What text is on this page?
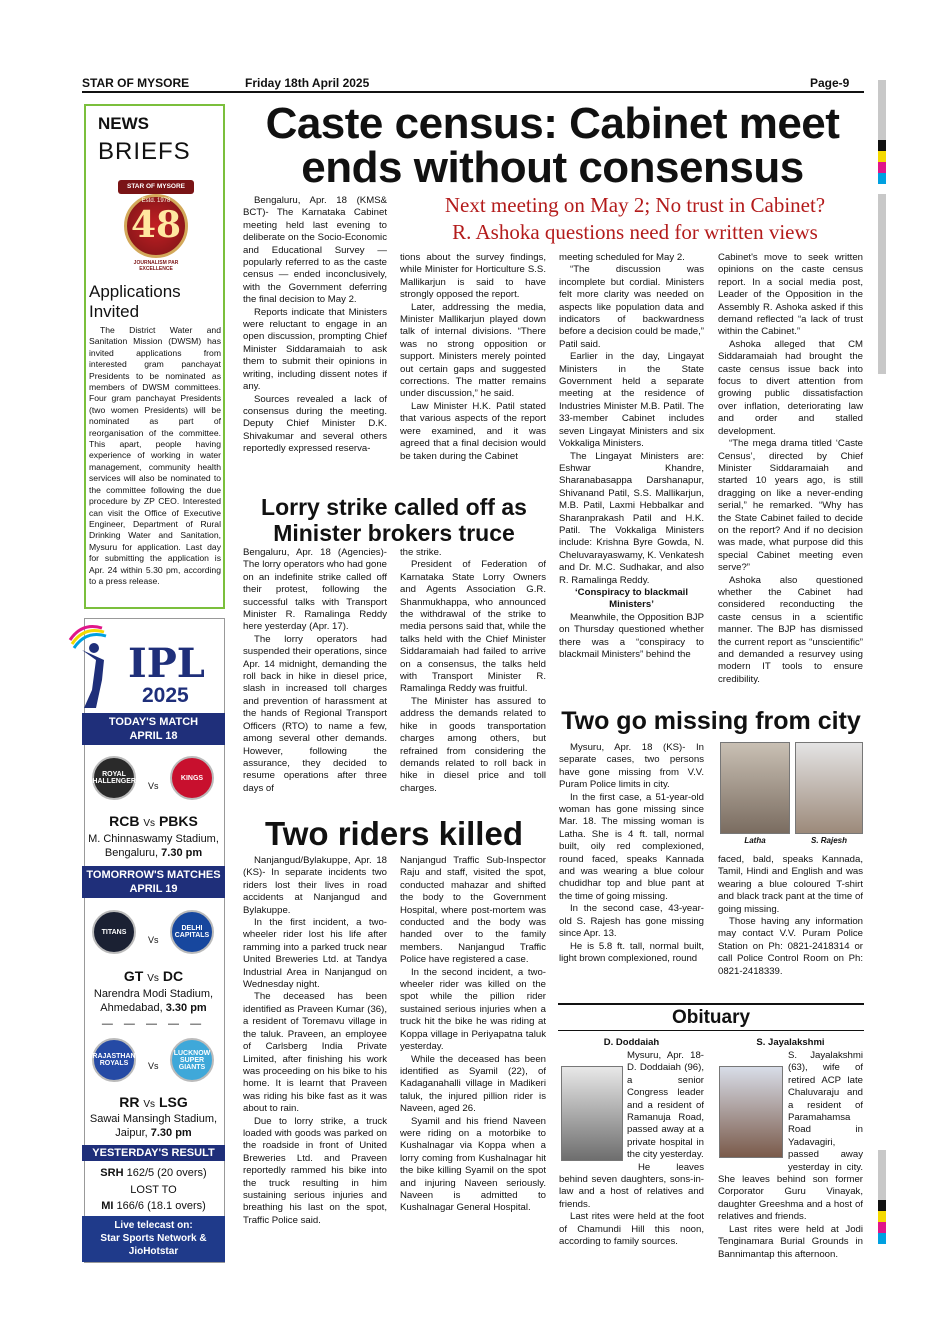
STAR OF MYSORE	Friday 18th April 2025	Page-9
NEWS
BRIEFS
STAR OF MYSORE
Estd. 1978
48
JOURNALISM PAR EXCELLENCE
Applications
Invited

The District Water and Sanitation Mission (DWSM) has invited applications from interested gram panchayat Presidents to be nominated as members of DWSM committees. Four gram panchayat Presidents (two women Presidents) will be nominated as part of reorganisation of the committee. This apart, people having experience of working in water management, community health services will also be nominated to the committee following the due procedure by ZP CEO. Interested can visit the Office of Executive Engineer, Department of Rural Drinking Water and Sanitation, Mysuru for application. Last day for submitting the application is Apr. 24 within 5.30 pm, according to a press release.

IPL
2025
TODAY'S MATCH
APRIL 18
ROYAL CHALLENGERS Vs
KINGS
RCB Vs PBKS
M. Chinnaswamy Stadium,
Bengaluru, 7.30 pm
TOMORROW'S MATCHES
APRIL 19
TITANS
Vs
DELHI CAPITALS
GT Vs DC
Narendra Modi Stadium,
Ahmedabad, 3.30 pm
— — — — —
RAJASTHAN ROYALS	Vs
LUCKNOW SUPER GIANTS
RR Vs LSG
Sawai Mansingh Stadium,
Jaipur, 7.30 pm
YESTERDAY'S RESULT
SRH 162/5 (20 overs)
LOST TO
MI 166/6 (18.1 overs)
Live telecast on:
Star Sports Network &
JioHotstar
Caste census: Cabinet meet
ends without consensus
Next meeting on May 2; No trust in Cabinet?
R. Ashoka questions need for written views

Bengaluru, Apr. 18 (KMS& BCT)- The Karnataka Cabinet meeting held last evening to deliberate on the Socio-Economic and Educational Survey — popularly referred to as the caste census — ended inconclusively, with the Government deferring the final decision to May 2.

Reports indicate that Ministers were reluctant to engage in an open discussion, prompting Chief Minister Siddaramaiah to ask them to submit their opinions in writing, including dissent notes if any.

Sources revealed a lack of consensus during the meeting. Deputy Chief Minister D.K. Shivakumar and several others reportedly expressed reserva-

tions about the survey findings, while Minister for Horticulture S.S. Mallikarjun is said to have strongly opposed the report.

Later, addressing the media, Minister Mallikarjun played down talk of internal divisions. “There was no strong opposition or support. Ministers merely pointed out certain gaps and suggested corrections. The matter remains under discussion,” he said.

Law Minister H.K. Patil stated that various aspects of the report were examined, and it was agreed that a final decision would be taken during the Cabinet

meeting scheduled for May 2.

“The discussion was incomplete but cordial. Ministers felt more clarity was needed on aspects like population data and indicators of backwardness before a decision could be made,” Patil said.

Earlier in the day, Lingayat Ministers in the State Government held a separate meeting at the residence of Industries Minister M.B. Patil. The 33-member Cabinet includes seven Lingayat Ministers and six Vokkaliga Ministers.

The Lingayat Ministers are: Eshwar Khandre, Sharanabasappa Darshanapur, Shivanand Patil, S.S. Mallikarjun, M.B. Patil, Laxmi Hebbalkar and Sharanprakash Patil and H.K. Patil. The Vokkaliga Ministers include: Krishna Byre Gowda, N. Cheluvarayaswamy, K. Venkatesh and Dr. M.C. Sudhakar, and also R. Ramalinga Reddy.

‘Conspiracy to blackmail Ministers’

Meanwhile, the Opposition BJP on Thursday questioned whether there was a “conspiracy to blackmail Ministers” behind the

Cabinet's move to seek written opinions on the caste census report. In a social media post, Leader of the Opposition in the Assembly R. Ashoka asked if this demand reflected “a lack of trust within the Cabinet.”

Ashoka alleged that CM Siddaramaiah had brought the caste census issue back into focus to divert attention from growing public dissatisfaction over inflation, deteriorating law and order and stalled development.

“The mega drama titled ‘Caste Census’, directed by Chief Minister Siddaramaiah and started 10 years ago, is still dragging on like a never-ending serial,” he remarked. “Why has the State Cabinet failed to decide on the report? And if no decision was made, what purpose did this special Cabinet meeting even serve?”

Ashoka also questioned whether the Cabinet had considered reconducting the caste census in a scientific manner. The BJP has dismissed the current report as “unscientific” and demanded a resurvey using modern IT tools to ensure credibility.

Lorry strike called off as
Minister brokers truce

Bengaluru, Apr. 18 (Agencies)- The lorry operators who had gone on an indefinite strike called off their protest, following the successful talks with Transport Minister R. Ramalinga Reddy here yesterday (Apr. 17).

The lorry operators had suspended their operations, since Apr. 14 midnight, demanding the roll back in hike in diesel price, slash in increased toll charges and prevention of harassment at the hands of Regional Transport Officers (RTO) to name a few, among several other demands. However, following the assurance, they decided to resume operations after three days of

the strike.

President of Federation of Karnataka State Lorry Owners and Agents Association G.R. Shanmukhappa, who announced the withdrawal of the strike to media persons said that, while the talks held with the Chief Minister Siddaramaiah had failed to arrive on a consensus, the talks held with Transport Minister R. Ramalinga Reddy was fruitful.

The Minister has assured to address the demands related to hike in goods transportation charges among others, but refrained from considering the demands related to roll back in hike in diesel price and toll charges.

Two riders killed

Nanjangud/Bylakuppe, Apr. 18 (KS)- In separate incidents two riders lost their lives in road accidents at Nanjangud and Bylakuppe.

In the first incident, a two-wheeler rider lost his life after ramming into a parked truck near United Breweries Ltd. at Tandya Industrial Area in Nanjangud on Wednesday night.

The deceased has been identified as Praveen Kumar (36), a resident of Toremavu village in the taluk. Praveen, an employee of Carlsberg India Private Limited, after finishing his work was proceeding on his bike to his home. It is learnt that Praveen was riding his bike fast as it was about to rain.

Due to lorry strike, a truck loaded with goods was parked on the roadside in front of United Breweries Ltd. and Praveen reportedly rammed his bike into the truck resulting in him sustaining serious injuries and breathing his last on the spot, Traffic Police said.

Nanjangud Traffic Sub-Inspector Raju and staff, visited the spot, conducted mahazar and shifted the body to the Government Hospital, where post-mortem was conducted and the body was handed over to the family members. Nanjangud Traffic Police have registered a case.

In the second incident, a two-wheeler rider was killed on the spot while the pillion rider sustained serious injuries when a truck hit the bike he was riding at Koppa village in Periyapatna taluk yesterday.

While the deceased has been identified as Syamil (22), of Kadaganahalli village in Madikeri taluk, the injured pillion rider is Naveen, aged 26.

Syamil and his friend Naveen were riding on a motorbike to Kushalnagar via Koppa when a lorry coming from Kushalnagar hit the bike killing Syamil on the spot and injuring Naveen seriously. Naveen is admitted to Kushalnagar General Hospital.

Two go missing from city

Mysuru, Apr. 18 (KS)- In separate cases, two persons have gone missing from V.V. Puram Police limits in city.

In the first case, a 51-year-old woman has gone missing since Mar. 18. The missing woman is Latha. She is 4 ft. tall, normal built, oily red complexioned, round faced, speaks Kannada and was wearing a blue colour chudidhar top and blue pant at the time of going missing.

In the second case, 43-year-old S. Rajesh has gone missing since Apr. 13.

He is 5.8 ft. tall, normal built, light brown complexioned, round

Latha	S. Rajesh

faced, bald, speaks Kannada, Tamil, Hindi and English and was wearing a blue coloured T-shirt and black track pant at the time of going missing.

Those having any information may contact V.V. Puram Police Station on Ph: 0821-2418314 or call Police Control Room on Ph: 0821-2418339.

Obituary
D. Doddaiah	S. Jayalakshmi

Mysuru, Apr. 18- D. Doddaiah (96), a senior Congress leader and a resident of Ramanuja Road, passed away at a private hospital in the city yesterday.

He leaves behind seven daughters, sons-in-law and a host of relatives and friends.

Last rites were held at the foot of Chamundi Hill this noon, according to family sources.

S. Jayalakshmi (63), wife of retired ACP late Chaluvaraju and a resident of Paramahamsa Road in Yadavagiri, passed away yesterday in city. She leaves behind son former Corporator Guru Vinayak, daughter Greeshma and a host of relatives and friends.

Last rites were held at Jodi Tenginamara Burial Grounds in Bannimantap this afternoon.
